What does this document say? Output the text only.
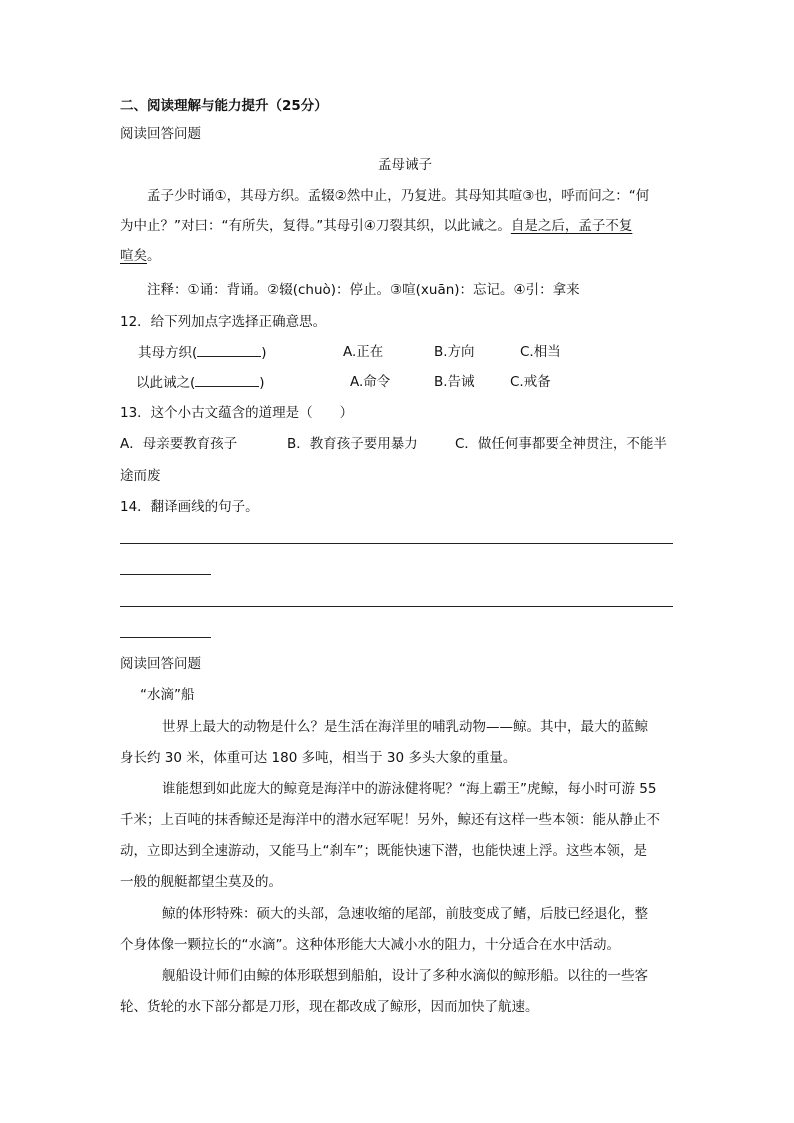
二、阅读理解与能力提升（25分）
阅读回答问题
孟母诫子
孟子少时诵①，其母方织。孟辍②然中止，乃复进。其母知其喧③也，呼而问之：“何
为中止？”对曰：“有所失，复得。”其母引④刀裂其织，以此诫之。自是之后，孟子不复
喧矣。
注释：①诵：背诵。②辍(chuò)：停止。③喧(xuān)：忘记。④引：拿来
12．给下列加点字选择正确意思。
其母方织(	)	A.正在	B.方向	C.相当
以此诫之(	)	A.命令	B.告诫	C.戒备
13．这个小古文蕴含的道理是（　　）
A．母亲要教育孩子	B．教育孩子要用暴力	C．做任何事都要全神贯注，不能半
途而废
14．翻译画线的句子。
阅读回答问题
“水滴”船
世界上最大的动物是什么？是生活在海洋里的哺乳动物——鲸。其中，最大的蓝鲸
身长约 30 米，体重可达 180 多吨，相当于 30 多头大象的重量。
谁能想到如此庞大的鲸竟是海洋中的游泳健将呢？“海上霸王”虎鲸，每小时可游 55
千米；上百吨的抹香鲸还是海洋中的潜水冠军呢！另外，鲸还有这样一些本领：能从静止不
动，立即达到全速游动，又能马上“刹车”；既能快速下潜，也能快速上浮。这些本领，是
一般的舰艇都望尘莫及的。
鲸的体形特殊：硕大的头部，急速收缩的尾部，前肢变成了鳍，后肢已经退化，整
个身体像一颗拉长的“水滴”。这种体形能大大减小水的阻力，十分适合在水中活动。
舰船设计师们由鲸的体形联想到船舶，设计了多种水滴似的鲸形船。以往的一些客
轮、货轮的水下部分都是刀形，现在都改成了鲸形，因而加快了航速。
